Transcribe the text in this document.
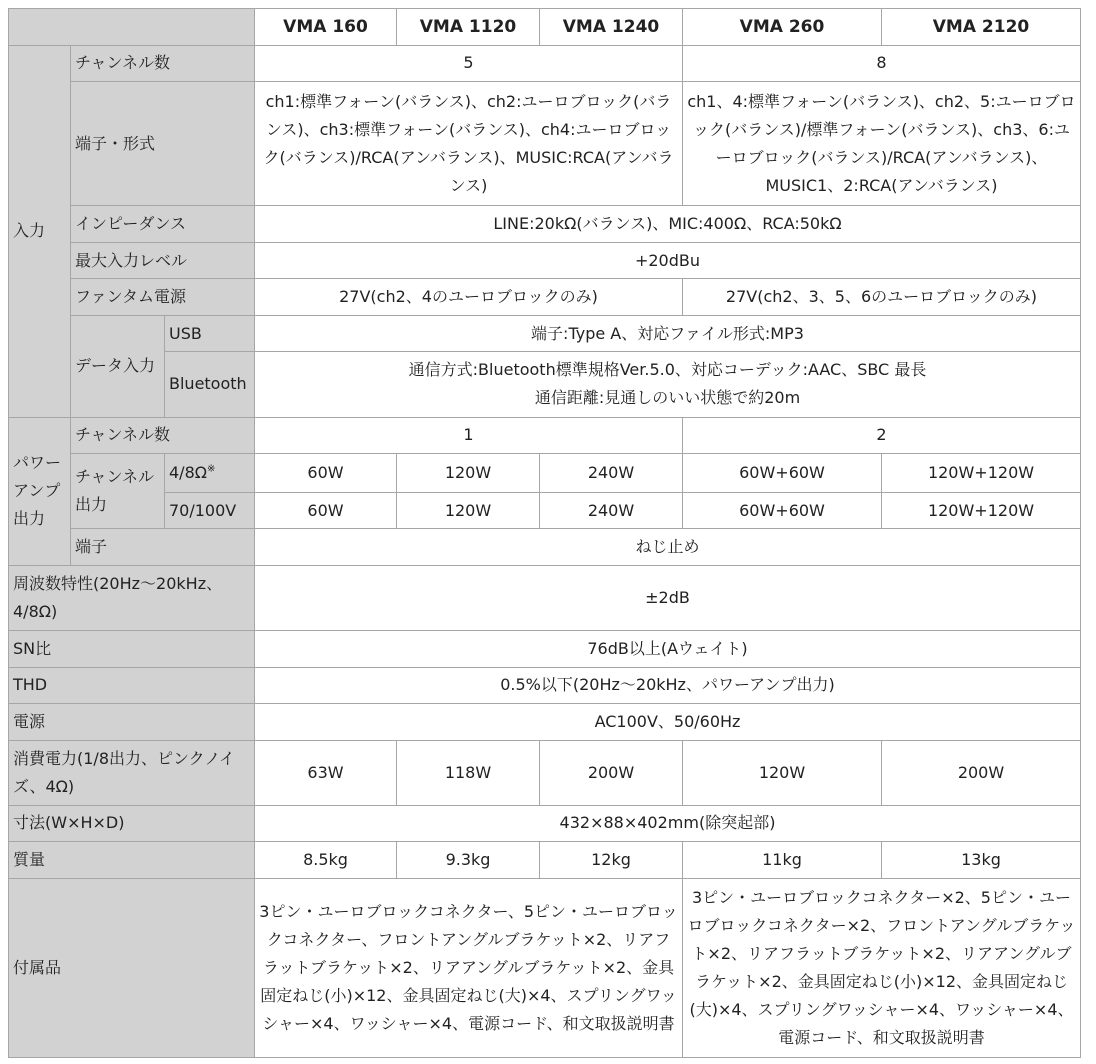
			VMA 160	VMA 1120	VMA 1240	VMA 260	VMA 2120
入力	チャンネル数		5			8	
	端子・形式		ch1:標準フォーン(バランス)、ch2:ユーロブロック(バランス)、ch3:標準フォーン(バランス)、ch4:ユーロブロック(バランス)/RCA(アンバランス)、MUSIC:RCA(アンバランス)			ch1、4:標準フォーン(バランス)、ch2、5:ユーロブロック(バランス)/標準フォーン(バランス)、ch3、6:ユーロブロック(バランス)/RCA(アンバランス)、MUSIC1、2:RCA(アンバランス)	
	インピーダンス		LINE:20kΩ(バランス)、MIC:400Ω、RCA:50kΩ				
	最大入力レベル		+20dBu				
	ファンタム電源		27V(ch2、4のユーロブロックのみ)			27V(ch2、3、5、6のユーロブロックのみ)	
	データ入力	USB	端子:Type A、対応ファイル形式:MP3				
		Bluetooth	通信方式:Bluetooth標準規格Ver.5.0、対応コーデック:AAC、SBC 最長通信距離:見通しのいい状態で約20m				
パワーアンプ出力	チャンネル数		1			2	
	チャンネル出力	4/8Ω※	60W	120W	240W	60W+60W	120W+120W
		70/100V	60W	120W	240W	60W+60W	120W+120W
	端子		ねじ止め				
周波数特性(20Hz〜20kHz、4/8Ω)			±2dB				
SN比			76dB以上(Aウェイト)				
THD			0.5%以下(20Hz〜20kHz、パワーアンプ出力)				
電源			AC100V、50/60Hz				
消費電力(1/8出力、ピンクノイズ、4Ω)			63W	118W	200W	120W	200W
寸法(W×H×D)			432×88×402mm(除突起部)				
質量			8.5kg	9.3kg	12kg	11kg	13kg
付属品			3ピン・ユーロブロックコネクター、5ピン・ユーロブロックコネクター、フロントアングルブラケット×2、リアフラットブラケット×2、リアアングルブラケット×2、金具固定ねじ(小)×12、金具固定ねじ(大)×4、スプリングワッシャー×4、ワッシャー×4、電源コード、和文取扱説明書			3ピン・ユーロブロックコネクター×2、5ピン・ユーロブロックコネクター×2、フロントアングルブラケット×2、リアフラットブラケット×2、リアアングルブラケット×2、金具固定ねじ(小)×12、金具固定ねじ(大)×4、スプリングワッシャー×4、ワッシャー×4、電源コード、和文取扱説明書	
